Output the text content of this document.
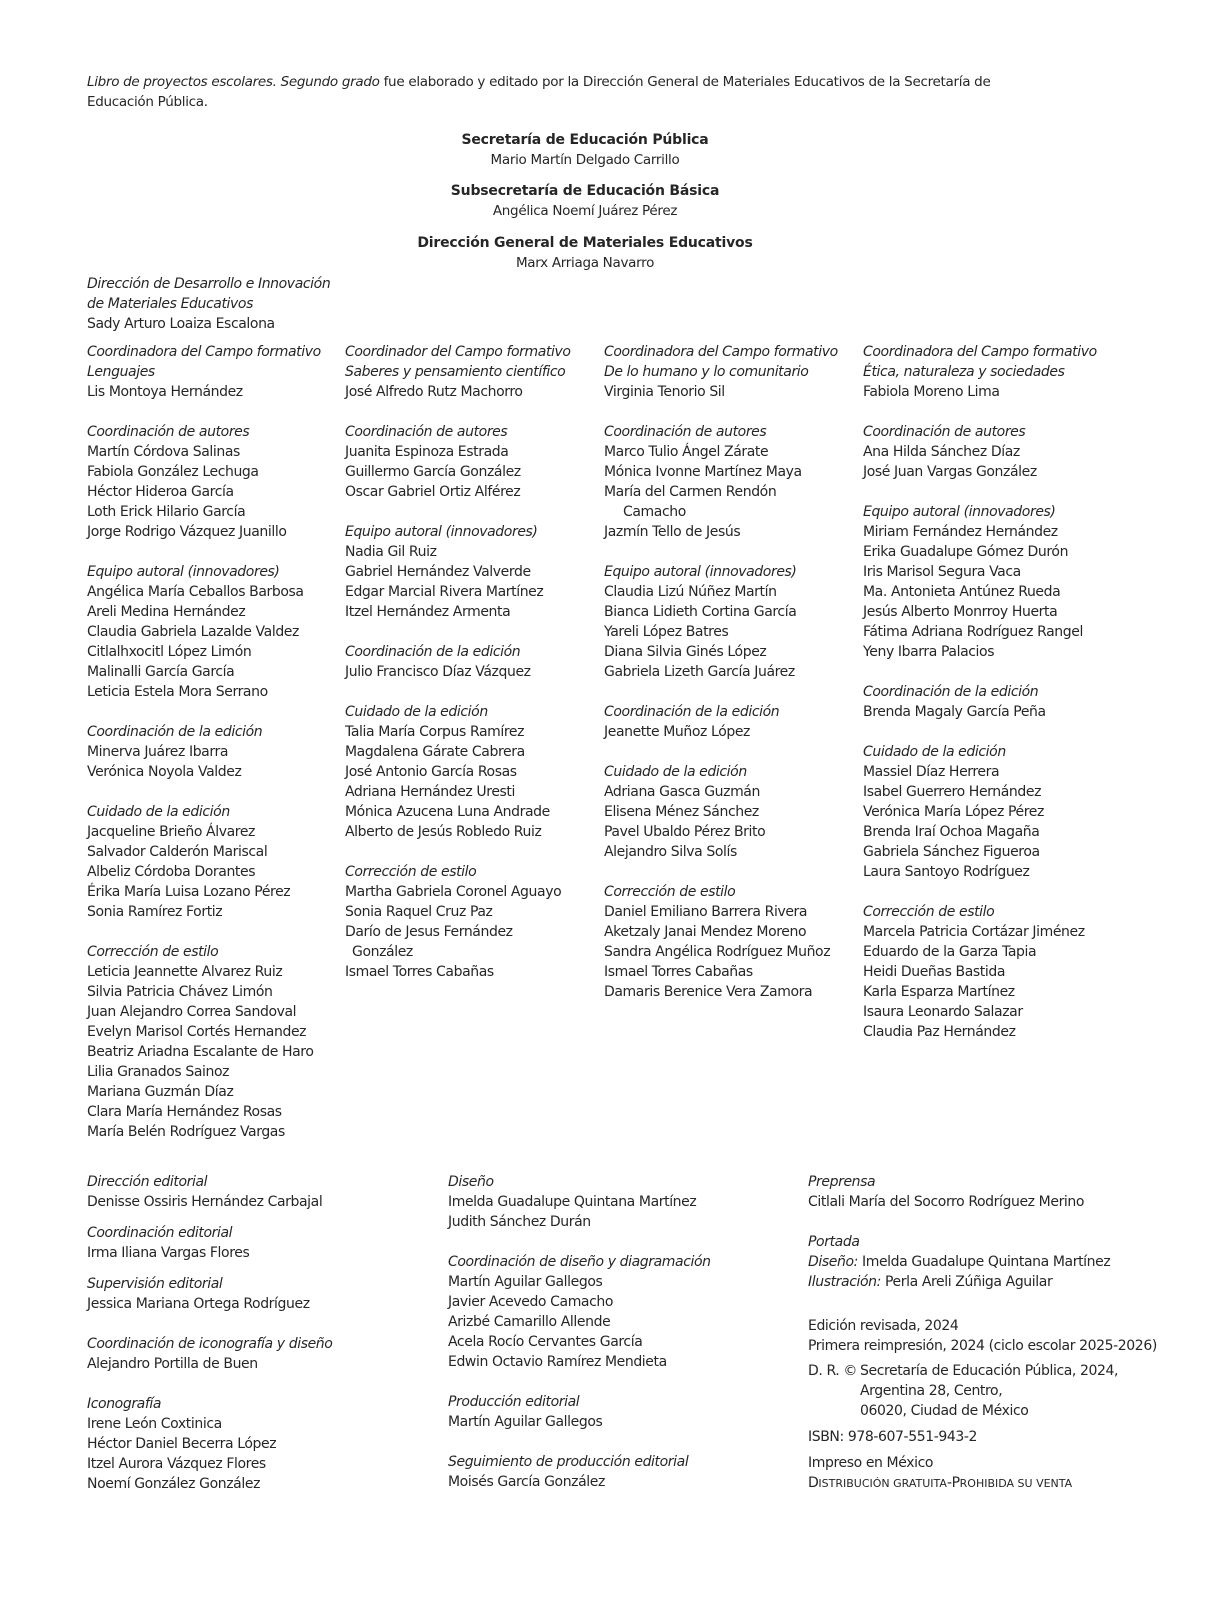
Libro de proyectos escolares. Segundo grado fue elaborado y editado por la Dirección General de Materiales Educativos de la Secretaría de
Educación Pública.
Secretaría de Educación Pública
Mario Martín Delgado Carrillo
Subsecretaría de Educación Básica
Angélica Noemí Juárez Pérez
Dirección General de Materiales Educativos
Marx Arriaga Navarro
Dirección de Desarrollo e Innovación
de Materiales Educativos
Sady Arturo Loaiza Escalona
Coordinadora del Campo formativo
Lenguajes
Lis Montoya Hernández
Coordinación de autores
Martín Córdova Salinas
Fabiola González Lechuga
Héctor Hideroa García
Loth Erick Hilario García
Jorge Rodrigo Vázquez Juanillo
Equipo autoral (innovadores)
Angélica María Ceballos Barbosa
Areli Medina Hernández
Claudia Gabriela Lazalde Valdez
Citlalhxocitl López Limón
Malinalli García García
Leticia Estela Mora Serrano
Coordinación de la edición
Minerva Juárez Ibarra
Verónica Noyola Valdez
Cuidado de la edición
Jacqueline Brieño Álvarez
Salvador Calderón Mariscal
Albeliz Córdoba Dorantes
Érika María Luisa Lozano Pérez
Sonia Ramírez Fortiz
Corrección de estilo
Leticia Jeannette Alvarez Ruiz
Silvia Patricia Chávez Limón
Juan Alejandro Correa Sandoval
Evelyn Marisol Cortés Hernandez
Beatriz Ariadna Escalante de Haro
Lilia Granados Sainoz
Mariana Guzmán Díaz
Clara María Hernández Rosas
María Belén Rodríguez Vargas
Coordinador del Campo formativo
Saberes y pensamiento científico
José Alfredo Rutz Machorro
Coordinación de autores
Juanita Espinoza Estrada
Guillermo García González
Oscar Gabriel Ortiz Alférez
Equipo autoral (innovadores)
Nadia Gil Ruiz
Gabriel Hernández Valverde
Edgar Marcial Rivera Martínez
Itzel Hernández Armenta
Coordinación de la edición
Julio Francisco Díaz Vázquez
Cuidado de la edición
Talia María Corpus Ramírez
Magdalena Gárate Cabrera
José Antonio García Rosas
Adriana Hernández Uresti
Mónica Azucena Luna Andrade
Alberto de Jesús Robledo Ruiz
Corrección de estilo
Martha Gabriela Coronel Aguayo
Sonia Raquel Cruz Paz
Darío de Jesus Fernández
González
Ismael Torres Cabañas
Coordinadora del Campo formativo
De lo humano y lo comunitario
Virginia Tenorio Sil
Coordinación de autores
Marco Tulio Ángel Zárate
Mónica Ivonne Martínez Maya
María del Carmen Rendón
Camacho
Jazmín Tello de Jesús
Equipo autoral (innovadores)
Claudia Lizú Núñez Martín
Bianca Lidieth Cortina García
Yareli López Batres
Diana Silvia Ginés López
Gabriela Lizeth García Juárez
Coordinación de la edición
Jeanette Muñoz López
Cuidado de la edición
Adriana Gasca Guzmán
Elisena Ménez Sánchez
Pavel Ubaldo Pérez Brito
Alejandro Silva Solís
Corrección de estilo
Daniel Emiliano Barrera Rivera
Aketzaly Janai Mendez Moreno
Sandra Angélica Rodríguez Muñoz
Ismael Torres Cabañas
Damaris Berenice Vera Zamora
Coordinadora del Campo formativo
Ética, naturaleza y sociedades
Fabiola Moreno Lima
Coordinación de autores
Ana Hilda Sánchez Díaz
José Juan Vargas González
Equipo autoral (innovadores)
Miriam Fernández Hernández
Erika Guadalupe Gómez Durón
Iris Marisol Segura Vaca
Ma. Antonieta Antúnez Rueda
Jesús Alberto Monrroy Huerta
Fátima Adriana Rodríguez Rangel
Yeny Ibarra Palacios
Coordinación de la edición
Brenda Magaly García Peña
Cuidado de la edición
Massiel Díaz Herrera
Isabel Guerrero Hernández
Verónica María López Pérez
Brenda Iraí Ochoa Magaña
Gabriela Sánchez Figueroa
Laura Santoyo Rodríguez
Corrección de estilo
Marcela Patricia Cortázar Jiménez
Eduardo de la Garza Tapia
Heidi Dueñas Bastida
Karla Esparza Martínez
Isaura Leonardo Salazar
Claudia Paz Hernández
Dirección editorial
Denisse Ossiris Hernández Carbajal
Coordinación editorial
Irma Iliana Vargas Flores
Supervisión editorial
Jessica Mariana Ortega Rodríguez
Coordinación de iconografía y diseño
Alejandro Portilla de Buen
Iconografía
Irene León Coxtinica
Héctor Daniel Becerra López
Itzel Aurora Vázquez Flores
Noemí González González
Diseño
Imelda Guadalupe Quintana Martínez
Judith Sánchez Durán
Coordinación de diseño y diagramación
Martín Aguilar Gallegos
Javier Acevedo Camacho
Arizbé Camarillo Allende
Acela Rocío Cervantes García
Edwin Octavio Ramírez Mendieta
Producción editorial
Martín Aguilar Gallegos
Seguimiento de producción editorial
Moisés García González
Preprensa
Citlali María del Socorro Rodríguez Merino
Portada
Diseño: Imelda Guadalupe Quintana Martínez
Ilustración: Perla Areli Zúñiga Aguilar
Edición revisada, 2024
Primera reimpresión, 2024 (ciclo escolar 2025-2026)
D. R. © Secretaría de Educación Pública, 2024,
Argentina 28, Centro,
06020, Ciudad de México
ISBN: 978-607-551-943-2
Impreso en México
DISTRIBUCIÓN GRATUITA-PROHIBIDA SU VENTA
